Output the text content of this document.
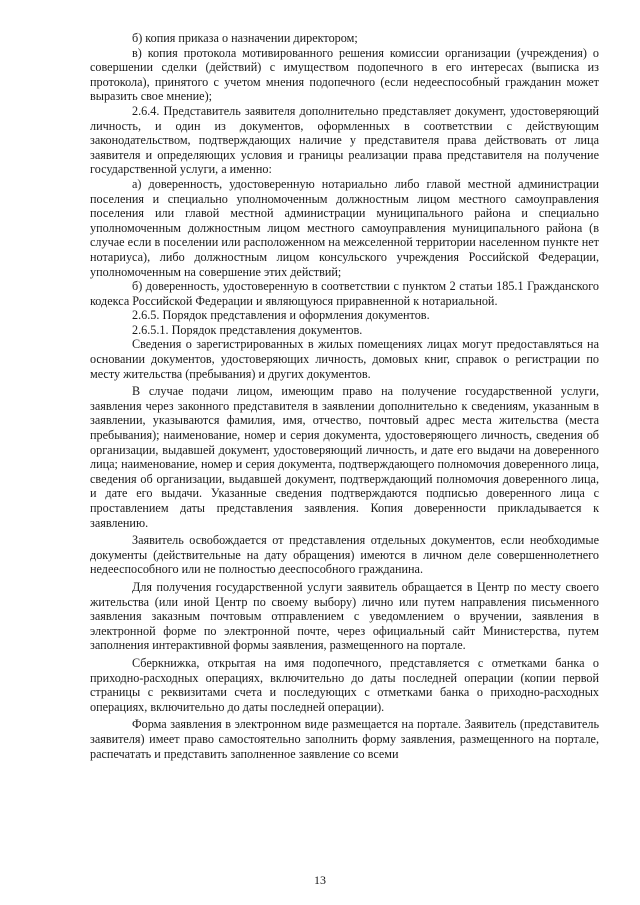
б) копия приказа о назначении директором;

в) копия протокола мотивированного решения комиссии организации (учреждения) о совершении сделки (действий) с имуществом подопечного в его интересах (выписка из протокола), принятого с учетом мнения подопечного (если недееспособный гражданин может выразить свое мнение);

2.6.4. Представитель заявителя дополнительно представляет документ, удостоверяющий личность, и один из документов, оформленных в соответствии с действующим законодательством, подтверждающих наличие у представителя права действовать от лица заявителя и определяющих условия и границы реализации права представителя на получение государственной услуги, а именно:

а) доверенность, удостоверенную нотариально либо главой местной администрации поселения и специально уполномоченным должностным лицом местного самоуправления поселения или главой местной администрации муниципального района и специально уполномоченным должностным лицом местного самоуправления муниципального района (в случае если в поселении или расположенном на межселенной территории населенном пункте нет нотариуса), либо должностным лицом консульского учреждения Российской Федерации, уполномоченным на совершение этих действий;

б) доверенность, удостоверенную в соответствии с пунктом 2 статьи 185.1 Гражданского кодекса Российской Федерации и являющуюся приравненной к нотариальной.

2.6.5. Порядок представления и оформления документов.

2.6.5.1. Порядок представления документов.

Сведения о зарегистрированных в жилых помещениях лицах могут предоставляться на основании документов, удостоверяющих личность, домовых книг, справок о регистрации по месту жительства (пребывания) и других документов.

В случае подачи лицом, имеющим право на получение государственной услуги, заявления через законного представителя в заявлении дополнительно к сведениям, указанным в заявлении, указываются фамилия, имя, отчество, почтовый адрес места жительства (места пребывания); наименование, номер и серия документа, удостоверяющего личность, сведения об организации, выдавшей документ, удостоверяющий личность, и дате его выдачи на доверенного лица; наименование, номер и серия документа, подтверждающего полномочия доверенного лица, сведения об организации, выдавшей документ, подтверждающий полномочия доверенного лица, и дате его выдачи. Указанные сведения подтверждаются подписью доверенного лица с проставлением даты представления заявления. Копия доверенности прикладывается к заявлению.

Заявитель освобождается от представления отдельных документов, если необходимые документы (действительные на дату обращения) имеются в личном деле совершеннолетнего недееспособного или не полностью дееспособного гражданина.

Для получения государственной услуги заявитель обращается в Центр по месту своего жительства (или иной Центр по своему выбору) лично или путем направления письменного заявления заказным почтовым отправлением с уведомлением о вручении, заявления в электронной форме по электронной почте, через официальный сайт Министерства, путем заполнения интерактивной формы заявления, размещенного на портале.

Сберкнижка, открытая на имя подопечного, представляется с отметками банка о приходно-расходных операциях, включительно до даты последней операции (копии первой страницы с реквизитами счета и последующих с отметками банка о приходно-расходных операциях, включительно до даты последней операции).

Форма заявления в электронном виде размещается на портале. Заявитель (представитель заявителя) имеет право самостоятельно заполнить форму заявления, размещенного на портале, распечатать и представить заполненное заявление со всеми

13
